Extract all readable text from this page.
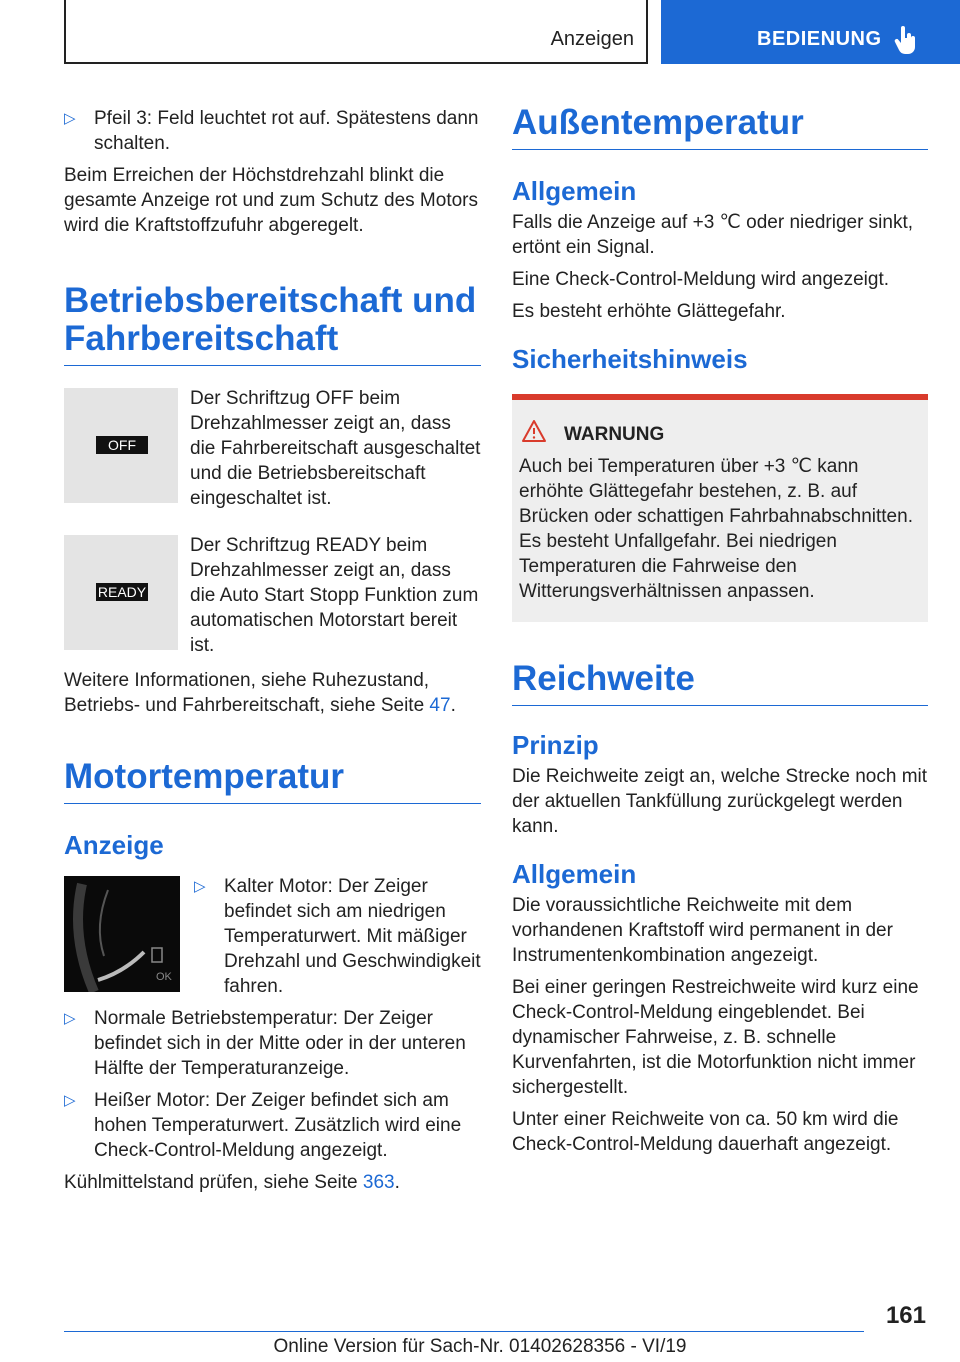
Anzeigen	BEDIENUNG
▷ Pfeil 3: Feld leuchtet rot auf. Spätestens dann schalten.

Beim Erreichen der Höchstdrehzahl blinkt die gesamte Anzeige rot und zum Schutz des Motors wird die Kraftstoffzufuhr abgeregelt.

Betriebsbereitschaft und Fahrbereitschaft
OFF
Der Schriftzug OFF beim Drehzahlmesser zeigt an, dass die Fahrbereitschaft ausgeschaltet und die Betriebsbereitschaft eingeschaltet ist.
READY
Der Schriftzug READY beim Drehzahlmesser zeigt an, dass die Auto Start Stopp Funktion zum automatischen Motorstart bereit ist.

Weitere Informationen, siehe Ruhezustand, Betriebs- und Fahrbereitschaft, siehe Seite 47.

Motortemperatur
Anzeige
OK
▷ Kalter Motor: Der Zeiger befindet sich am niedrigen Temperaturwert. Mit mäßiger Drehzahl und Geschwindigkeit fahren.
▷ Normale Betriebstemperatur: Der Zeiger befindet sich in der Mitte oder in der unteren Hälfte der Temperaturanzeige.
▷ Heißer Motor: Der Zeiger befindet sich am hohen Temperaturwert. Zusätzlich wird eine Check-Control-Meldung angezeigt.

Kühlmittelstand prüfen, siehe Seite 363.

Außentemperatur
Allgemein

Falls die Anzeige auf +3 ℃ oder niedriger sinkt, ertönt ein Signal.

Eine Check-Control-Meldung wird angezeigt.

Es besteht erhöhte Glättegefahr.

Sicherheitshinweis
WARNUNG
Auch bei Temperaturen über +3 ℃ kann erhöhte Glättegefahr bestehen, z. B. auf Brücken oder schattigen Fahrbahnabschnitten. Es besteht Unfallgefahr. Bei niedrigen Temperaturen die Fahrweise den Witterungsverhältnissen anpassen.
Reichweite
Prinzip

Die Reichweite zeigt an, welche Strecke noch mit der aktuellen Tankfüllung zurückgelegt werden kann.

Allgemein

Die voraussichtliche Reichweite mit dem vorhandenen Kraftstoff wird permanent in der Instrumentenkombination angezeigt.

Bei einer geringen Restreichweite wird kurz eine Check-Control-Meldung eingeblendet. Bei dynamischer Fahrweise, z. B. schnelle Kurvenfahrten, ist die Motorfunktion nicht immer sichergestellt.

Unter einer Reichweite von ca. 50 km wird die Check-Control-Meldung dauerhaft angezeigt.

161
Online Version für Sach-Nr. 01402628356 - VI/19
